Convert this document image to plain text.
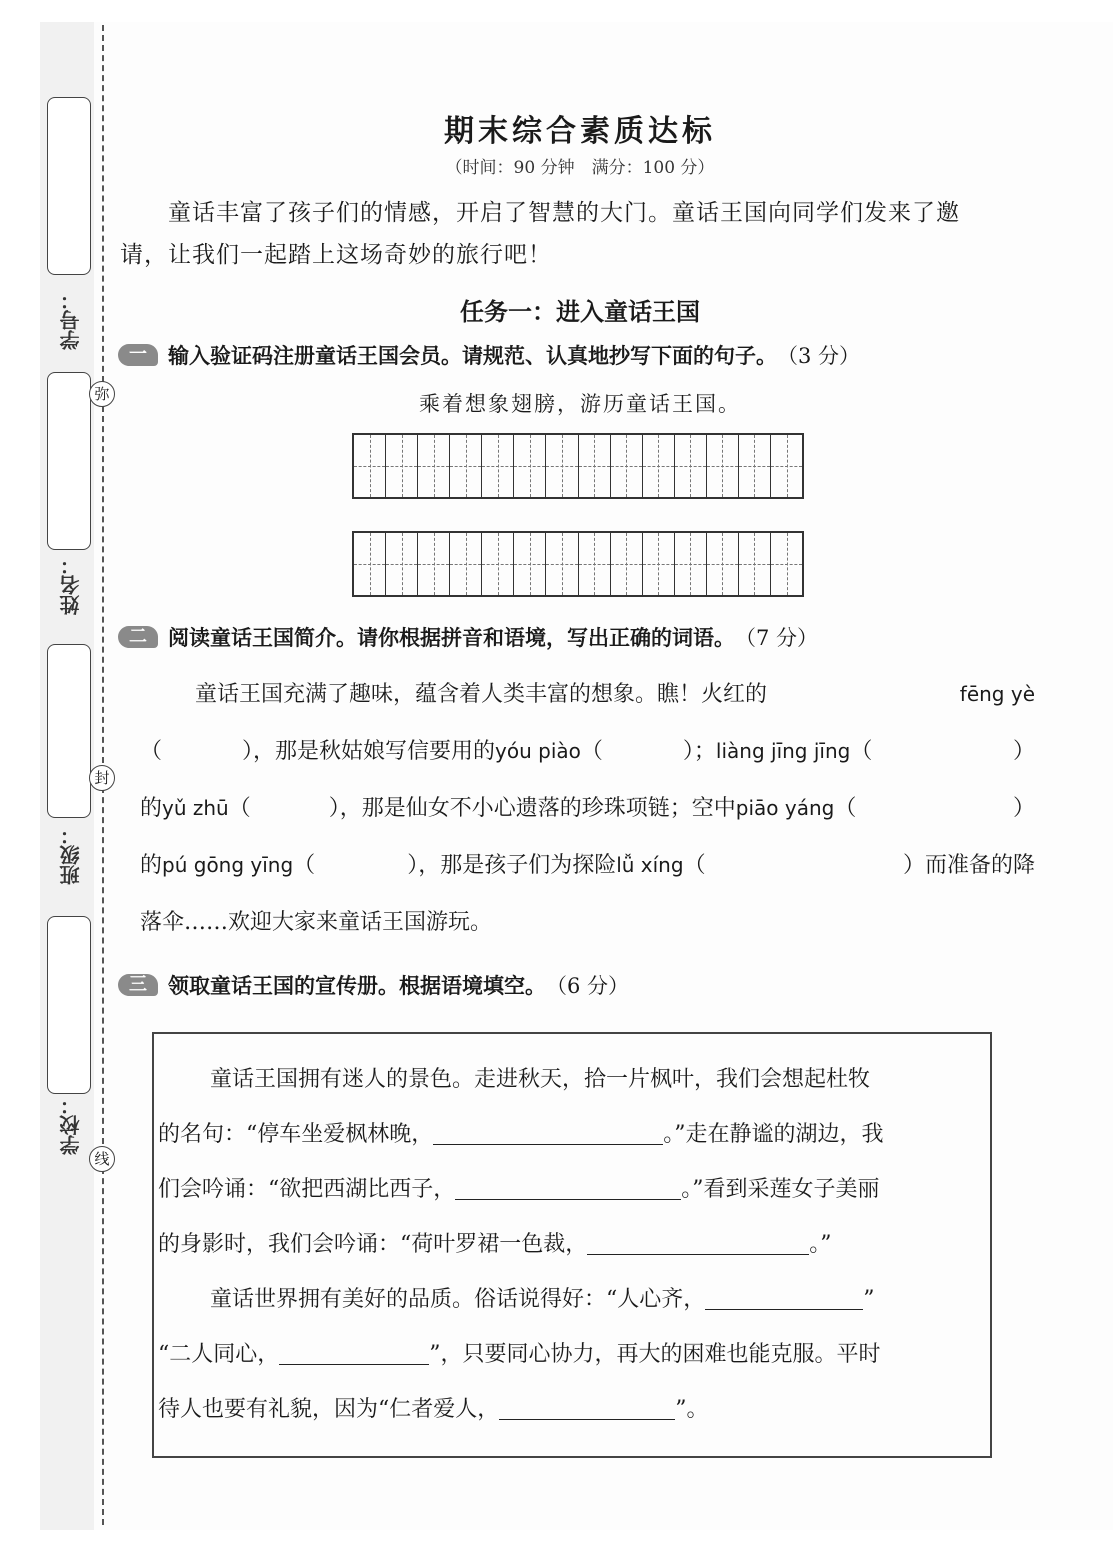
学号：
姓名：
班级：
学校：
弥
封
线
期末综合素质达标
（时间：90 分钟　满分：100 分）
童话丰富了孩子们的情感，开启了智慧的大门。童话王国向同学们发来了邀
请，让我们一起踏上这场奇妙的旅行吧！
任务一：进入童话王国
一	输入验证码注册童话王国会员。请规范、认真地抄写下面的句子。 （3 分）
乘着想象翅膀，游历童话王国。
二	阅读童话王国简介。请你根据拼音和语境，写出正确的词语。 （7 分）
童话王国充满了趣味，蕴含着人类丰富的想象。瞧！火红的	fēng yè
（	），那是秋姑娘写信要用的yóu piào（	）；liàng jīng jīng（	）
的yǔ zhū（	），那是仙女不小心遗落的珍珠项链；空中piāo yáng（	）
的pú gōng yīng（	），那是孩子们为探险lǚ xíng（	）而准备的降
落伞……欢迎大家来童话王国游玩。
三	领取童话王国的宣传册。根据语境填空。 （6 分）
童话王国拥有迷人的景色。走进秋天，拾一片枫叶，我们会想起杜牧
的名句：“停车坐爱枫林晚，	。”走在静谧的湖边，我
们会吟诵：“欲把西湖比西子，	。”看到采莲女子美丽
的身影时，我们会吟诵：“荷叶罗裙一色裁，	。”
童话世界拥有美好的品质。俗话说得好：“人心齐，	”
“二人同心，	”，只要同心协力，再大的困难也能克服。平时
待人也要有礼貌，因为“仁者爱人，	”。
